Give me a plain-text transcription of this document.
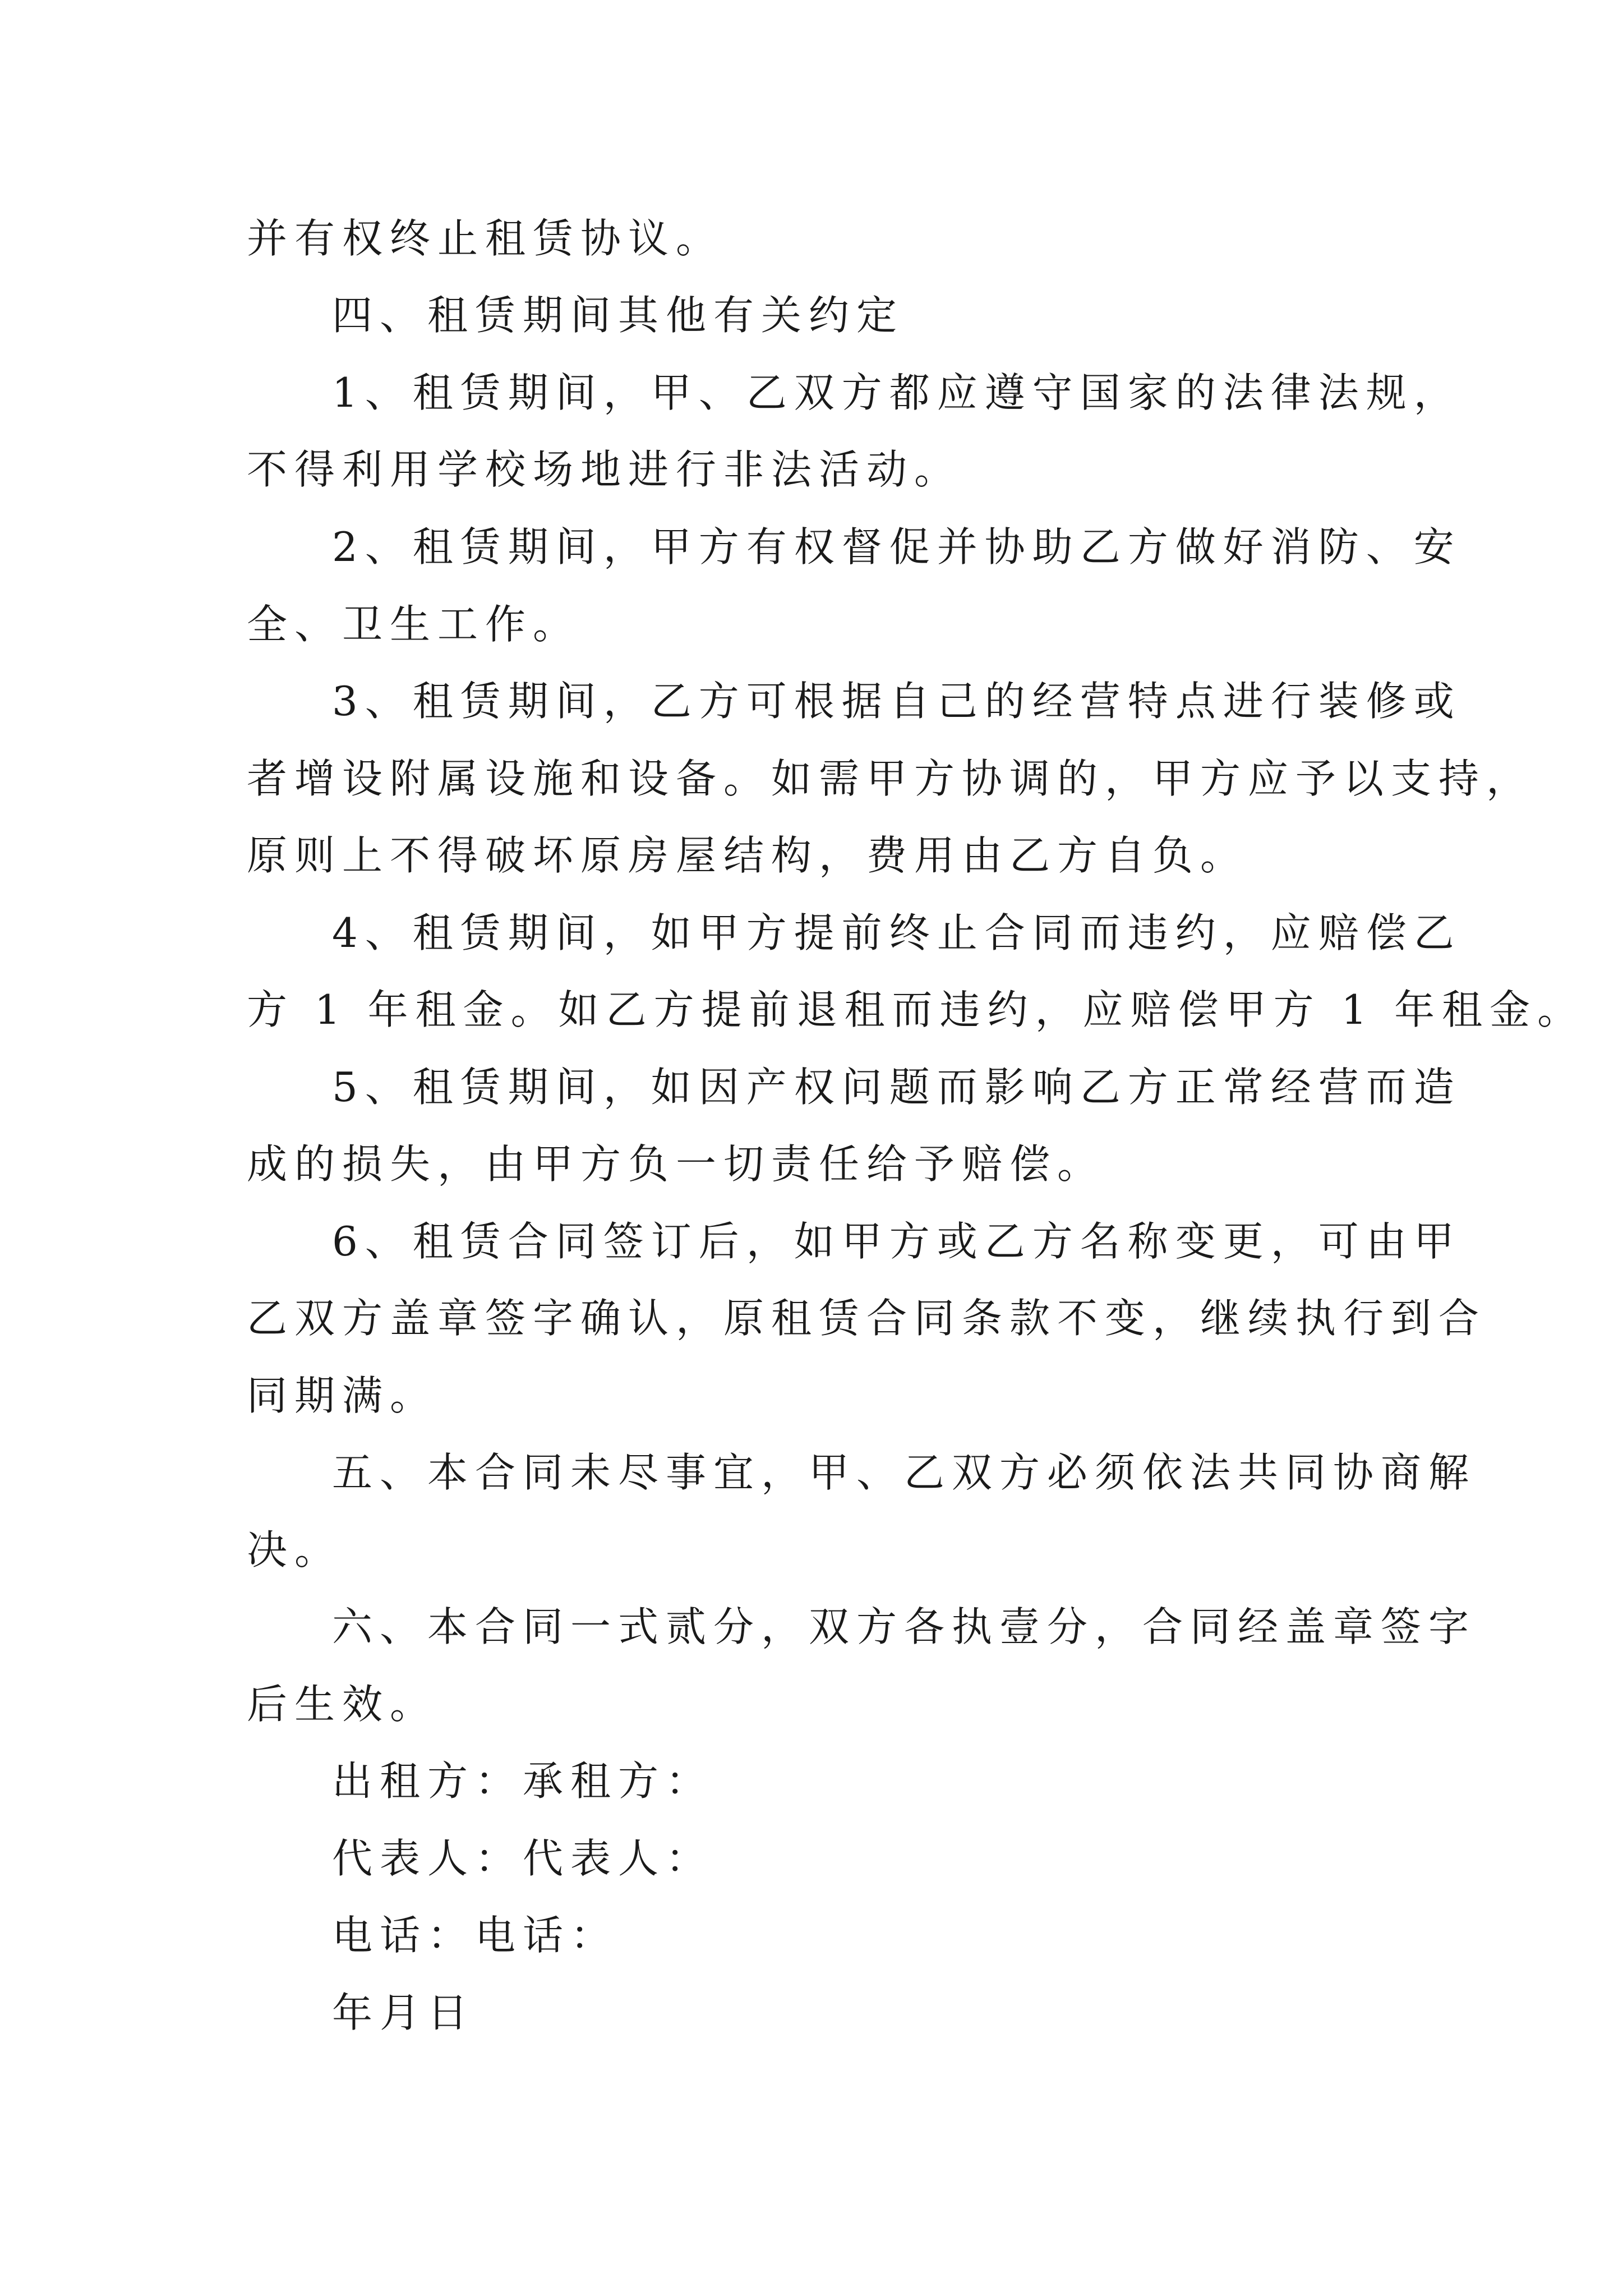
并有权终止租赁协议。
四、租赁期间其他有关约定
1、租赁期间，甲、乙双方都应遵守国家的法律法规，
不得利用学校场地进行非法活动。
2、租赁期间，甲方有权督促并协助乙方做好消防、安
全、卫生工作。
3、租赁期间，乙方可根据自己的经营特点进行装修或
者增设附属设施和设备。如需甲方协调的，甲方应予以支持，
原则上不得破坏原房屋结构，费用由乙方自负。
4、租赁期间，如甲方提前终止合同而违约，应赔偿乙
方 1 年租金。如乙方提前退租而违约，应赔偿甲方 1 年租金。
5、租赁期间，如因产权问题而影响乙方正常经营而造
成的损失，由甲方负一切责任给予赔偿。
6、租赁合同签订后，如甲方或乙方名称变更，可由甲
乙双方盖章签字确认，原租赁合同条款不变，继续执行到合
同期满。
五、本合同未尽事宜，甲、乙双方必须依法共同协商解
决。
六、本合同一式贰分，双方各执壹分，合同经盖章签字
后生效。
出租方：承租方：
代表人：代表人：
电话：电话：
年月日
